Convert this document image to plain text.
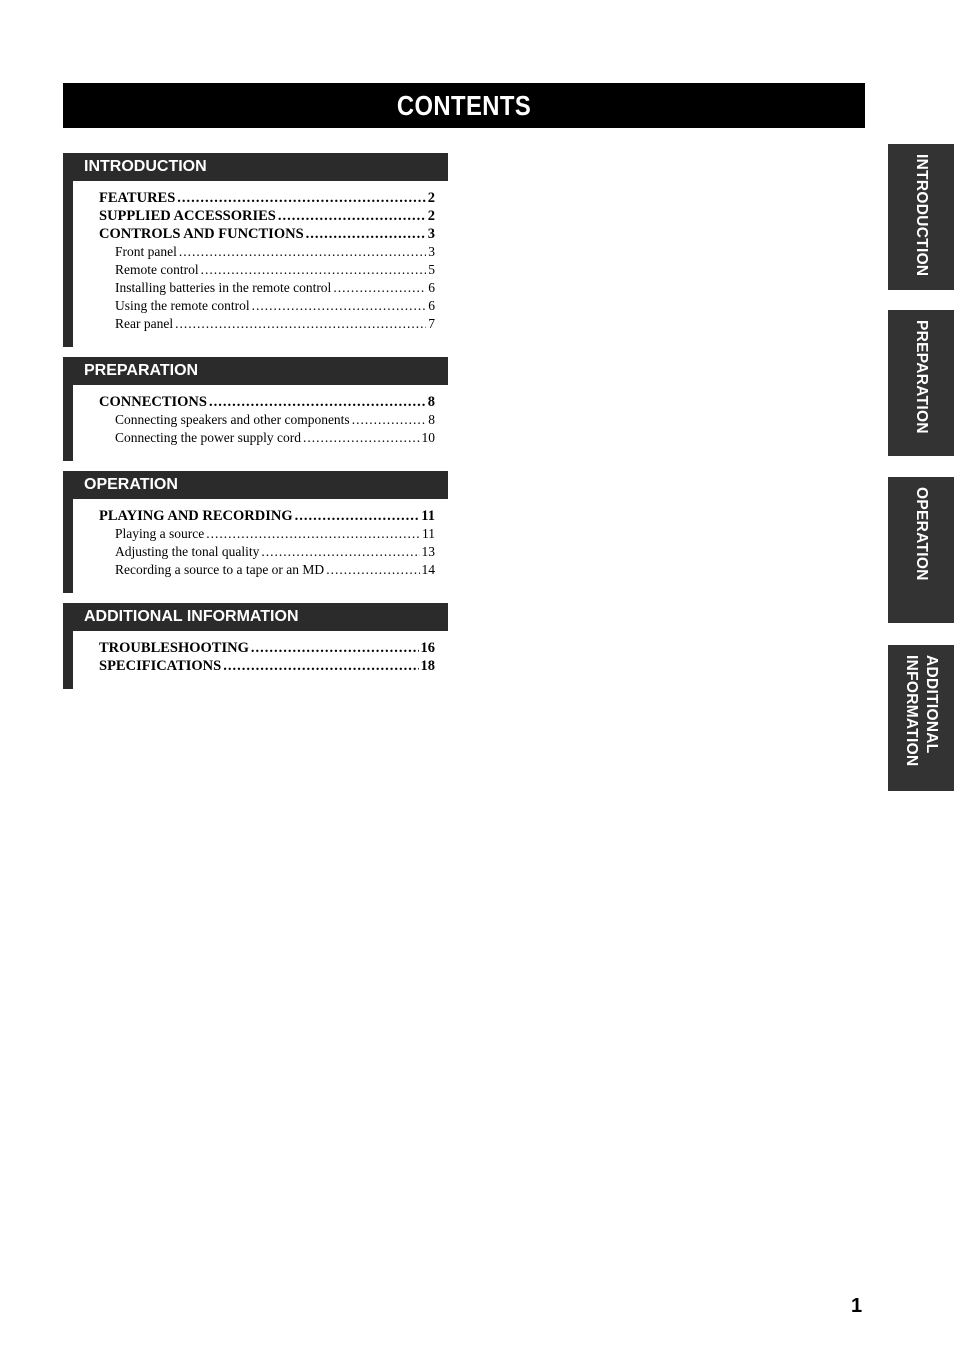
CONTENTS
INTRODUCTION
FEATURES .....	2
SUPPLIED ACCESSORIES .....	2
CONTROLS AND FUNCTIONS .....	3
Front panel .....	3
Remote control .....	5
Installing batteries in the remote control .....	6
Using the remote control .....	6
Rear panel .....	7
PREPARATION
CONNECTIONS .....	8
Connecting speakers and other components .....	8
Connecting the power supply cord .....	10
OPERATION
PLAYING AND RECORDING .....	11
Playing a source .....	11
Adjusting the tonal quality .....	13
Recording a source to a tape or an MD .....	14
ADDITIONAL INFORMATION
TROUBLESHOOTING .....	16
SPECIFICATIONS .....	18
INTRODUCTION
PREPARATION
OPERATION
ADDITIONAL
INFORMATION
1
